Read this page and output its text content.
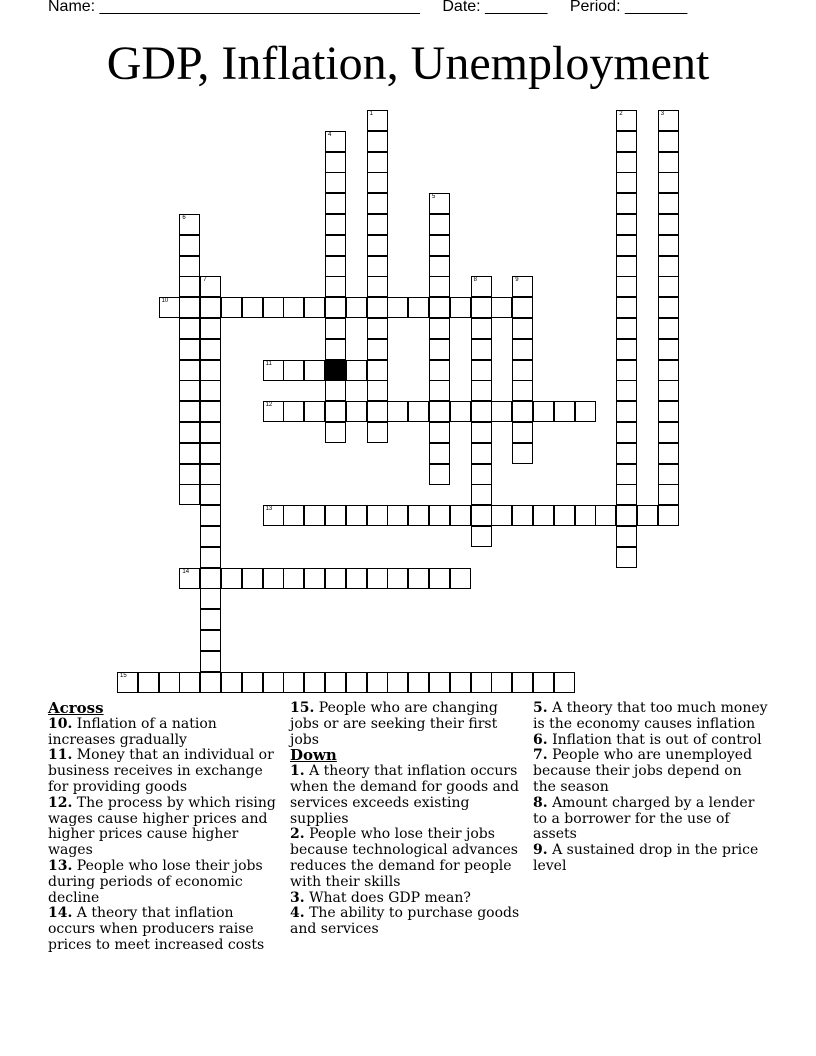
Name: ____________________________________ Date: _______ Period: _______
GDP, Inflation, Unemployment
1	2	3
4
5
6
7	8	9
10
11
12
13
14
15
Across
10. Inflation of a nation increases gradually
11. Money that an individual or business receives in exchange for providing goods
12. The process by which rising wages cause higher prices and higher prices cause higher wages
13. People who lose their jobs during periods of economic decline
14. A theory that inflation occurs when producers raise prices to meet increased costs
15. People who are changing jobs or are seeking their first jobs
Down
1. A theory that inflation occurs when the demand for goods and services exceeds existing supplies
2. People who lose their jobs because technological advances reduces the demand for people with their skills
3. What does GDP mean?
4. The ability to purchase goods and services
5. A theory that too much money is the economy causes inflation
6. Inflation that is out of control
7. People who are unemployed because their jobs depend on the season
8. Amount charged by a lender to a borrower for the use of assets
9. A sustained drop in the price level
